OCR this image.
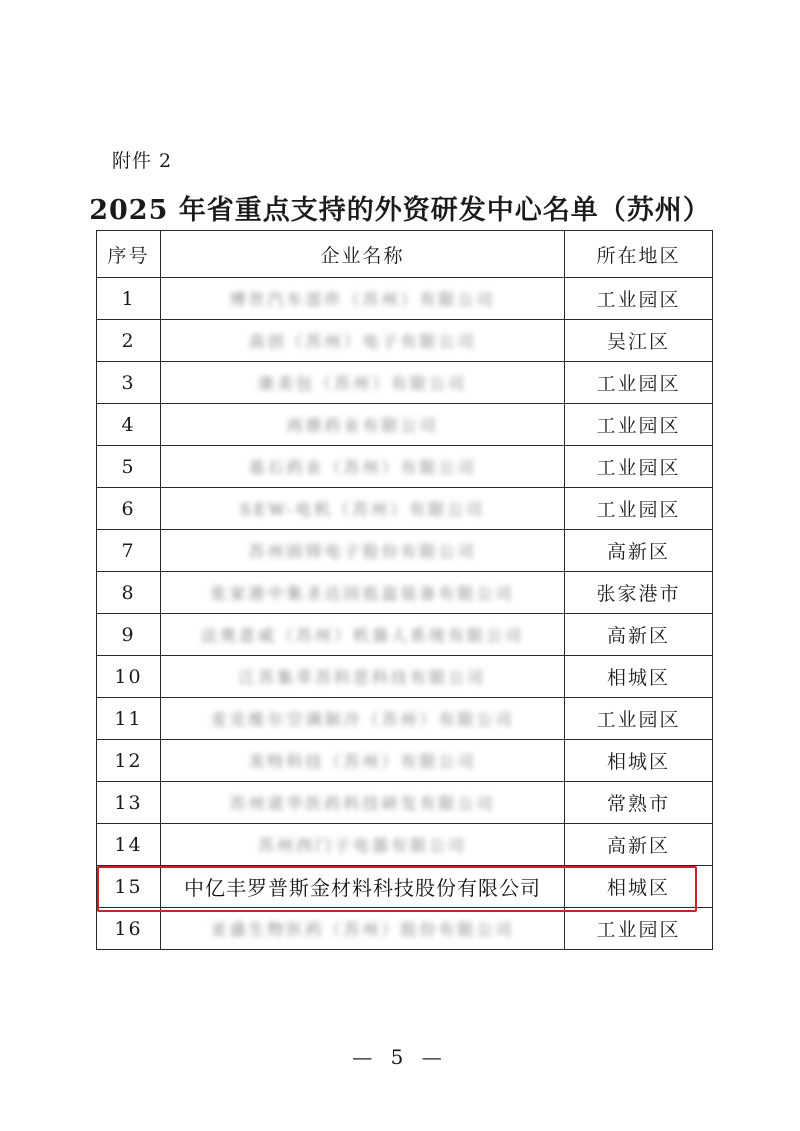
附件 2
2025 年省重点支持的外资研发中心名单（苏州）
序号	企业名称	所在地区
1	博世汽车部件（苏州）有限公司	工业园区
2	高创（苏州）电子有限公司	吴江区
3	康美包（苏州）有限公司	工业园区
4	再鼎药业有限公司	工业园区
5	基石药业（苏州）有限公司	工业园区
6	SEW-电机（苏州）有限公司	工业园区
7	苏州固锝电子股份有限公司	高新区
8	张家港中集圣达因低温装备有限公司	张家港市
9	法奥意威（苏州）机器人系统有限公司	高新区
10	江苏集萃苏科思科技有限公司	相城区
11	麦克维尔空调制冷（苏州）有限公司	工业园区
12	美特科技（苏州）有限公司	相城区
13	苏州诺华医药科技研发有限公司	常熟市
14	苏州西门子电器有限公司	高新区
15	中亿丰罗普斯金材料科技股份有限公司	相城区
16	亚盛生物医药（苏州）股份有限公司	工业园区
— 5 —
